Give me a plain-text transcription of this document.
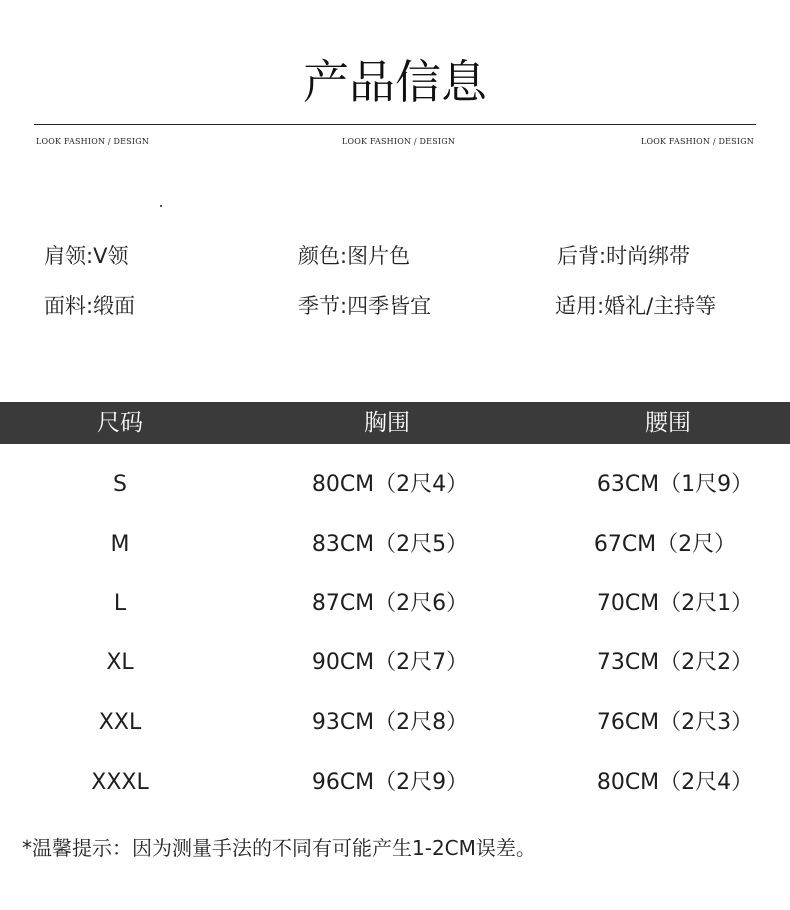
产品信息
LOOK FASHION / DESIGN	LOOK FASHION / DESIGN	LOOK FASHION / DESIGN
肩领:V领	颜色:图片色	后背:时尚绑带
面料:缎面	季节:四季皆宜	适用:婚礼/主持等
尺码	胸围	腰围
S	80CM（2尺4）	63CM（1尺9）
M	83CM（2尺5）	67CM（2尺）
L	87CM（2尺6）	70CM（2尺1）
XL	90CM（2尺7）	73CM（2尺2）
XXL	93CM（2尺8）	76CM（2尺3）
XXXL	96CM（2尺9）	80CM（2尺4）
*温馨提示：因为测量手法的不同有可能产生1-2CM误差。
